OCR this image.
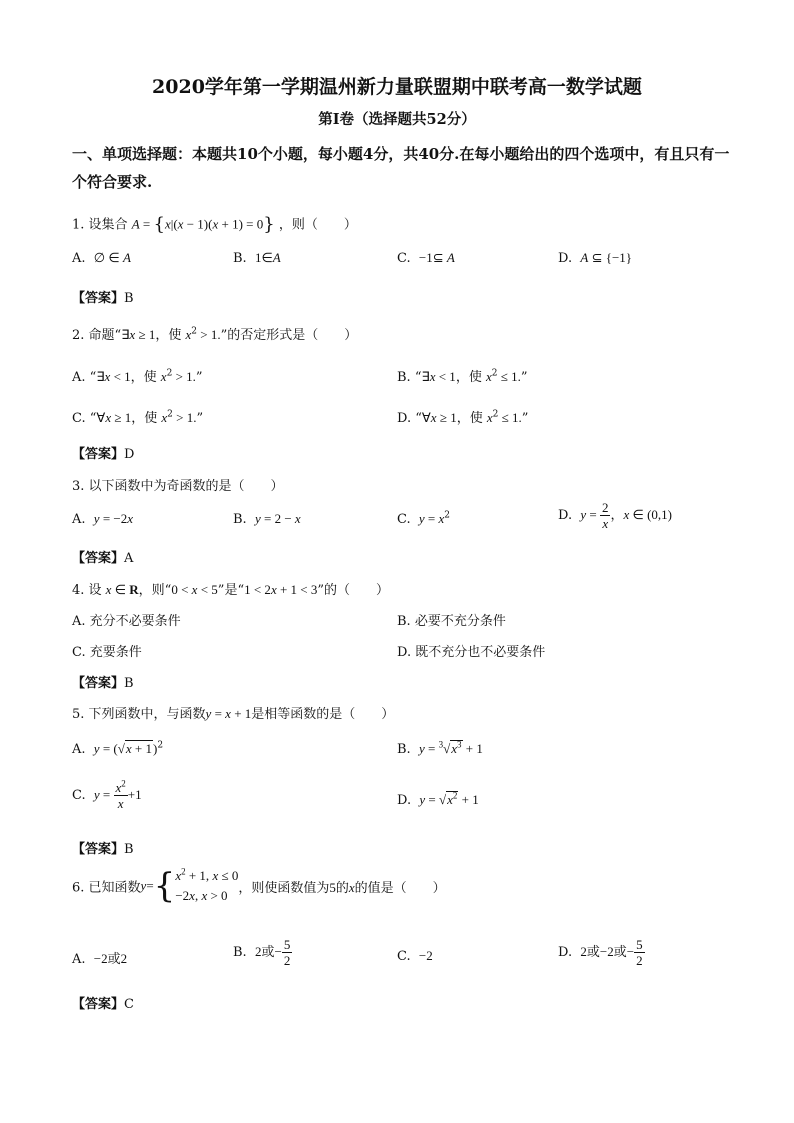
2020学年第一学期温州新力量联盟期中联考高一数学试题
第I卷（选择题共52分）
一、单项选择题：本题共10个小题，每小题4分，共40分.在每小题给出的四个选项中，有且只有一个符合要求.
1. 设集合 A = {x|(x − 1)(x + 1) = 0} ，则（　　）
A.  ∅ ∈ A	B.  1∈A	C.  −1⊆ A	D.  A ⊆ {−1}
【答案】B
2. 命题“∃x ≥ 1，使 $x^2 > 1$.”的否定形式是（　　）
A. “∃x < 1，使 $x^2 > 1$.”	B. “∃x < 1，使 $x^2 \le 1$.”
C. “∀x ≥ 1，使 $x^2 > 1$.”	D. “∀x ≥ 1，使 $x^2 \le 1$.”
【答案】D
3. 以下函数中为奇函数的是（　　）
A.  y = −2x	B.  y = 2 − x	C.  $y = x^2$	D.  $y = \frac{2}{x}$ ，x ∈ (0,1)
【答案】A
4. 设 x ∈ R，则“0 < x < 5”是“1 < 2x + 1 < 3”的（　　）
A. 充分不必要条件	B. 必要不充分条件
C. 充要条件	D. 既不充分也不必要条件
【答案】B
5. 下列函数中，与函数y = x + 1是相等函数的是（　　）
A.  $y = (√x + 1)^2$	B.  $y = ^3√x^3 + 1$
C.  $y = \frac{x^2}{x} +1$	D.  $y = √x^2 + 1$
【答案】B
6. 已知函数y={ $x^2 + 1$, x ≤ 0
−2x, x > 0 ，则使函数值为5的x的值是（　　）
A.  −2或2	B.  2或− $\frac{5}{2}$	C.  −2	D.  2或−2或− $\frac{5}{2}$
【答案】C
